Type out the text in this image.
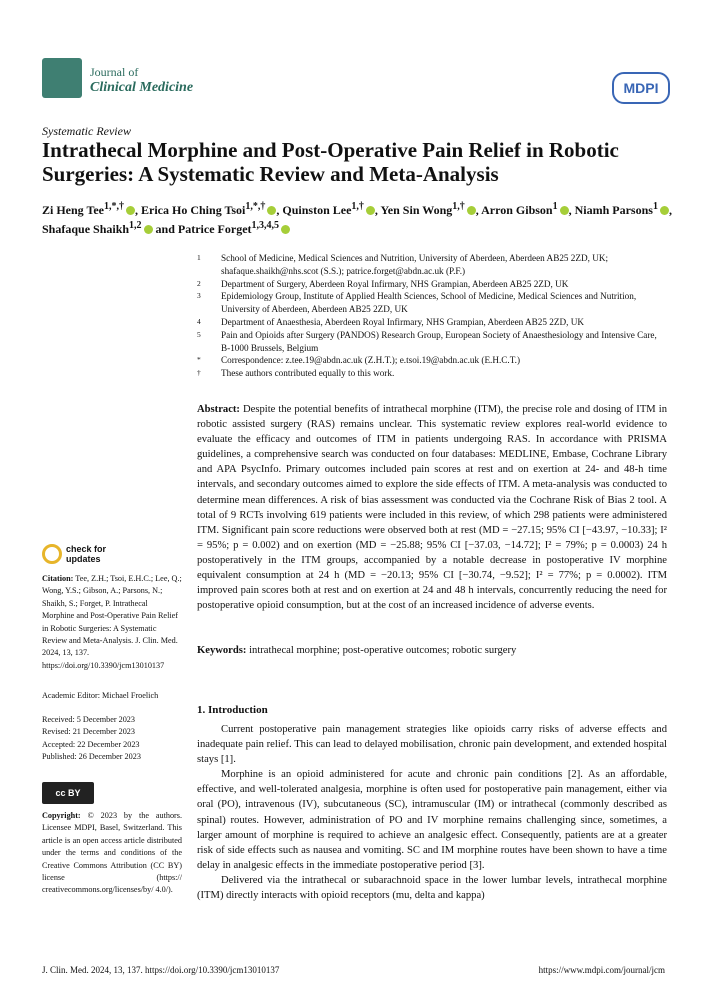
Journal of
Clinical Medicine	MDPI
Systematic Review
Intrathecal Morphine and Post-Operative Pain Relief in Robotic Surgeries: A Systematic Review and Meta-Analysis
Zi Heng Tee$^{1,*,\dagger}$ , Erica Ho Ching Tsoi$^{1,*,\dagger}$ , Quinston Lee$^{1,\dagger}$ , Yen Sin Wong$^{1,\dagger}$ , Arron Gibson$^1$ , Niamh Parsons$^1$ , Shafaque Shaikh$^{1,2}$ and Patrice Forget$^{1,3,4,5}$
1	School of Medicine, Medical Sciences and Nutrition, University of Aberdeen, Aberdeen AB25 2ZD, UK; shafaque.shaikh@nhs.scot (S.S.); patrice.forget@abdn.ac.uk (P.F.)
2	Department of Surgery, Aberdeen Royal Infirmary, NHS Grampian, Aberdeen AB25 2ZD, UK
3	Epidemiology Group, Institute of Applied Health Sciences, School of Medicine, Medical Sciences and Nutrition, University of Aberdeen, Aberdeen AB25 2ZD, UK
4	Department of Anaesthesia, Aberdeen Royal Infirmary, NHS Grampian, Aberdeen AB25 2ZD, UK
5	Pain and Opioids after Surgery (PANDOS) Research Group, European Society of Anaesthesiology and Intensive Care, B-1000 Brussels, Belgium
*	Correspondence: z.tee.19@abdn.ac.uk (Z.H.T.); e.tsoi.19@abdn.ac.uk (E.H.C.T.)
†	These authors contributed equally to this work.
Abstract: Despite the potential benefits of intrathecal morphine (ITM), the precise role and dosing of ITM in robotic assisted surgery (RAS) remains unclear. This systematic review explores real-world evidence to evaluate the efficacy and outcomes of ITM in patients undergoing RAS. In accordance with PRISMA guidelines, a comprehensive search was conducted on four databases: MEDLINE, Embase, Cochrane Library and APA PsycInfo. Primary outcomes included pain scores at rest and on exertion at 24- and 48-h time intervals, and secondary outcomes aimed to explore the side effects of ITM. A meta-analysis was conducted to determine mean differences. A risk of bias assessment was conducted via the Cochrane Risk of Bias 2 tool. A total of 9 RCTs involving 619 patients were included in this review, of which 298 patients were administered ITM. Significant pain score reductions were observed both at rest (MD = −27.15; 95% CI [−43.97, −10.33]; I² = 95%; p = 0.002) and on exertion (MD = −25.88; 95% CI [−37.03, −14.72]; I² = 79%; p = 0.0003) 24 h postoperatively in the ITM groups, accompanied by a notable decrease in postoperative IV morphine equivalent consumption at 24 h (MD = −20.13; 95% CI [−30.74, −9.52]; I² = 77%; p = 0.0002). ITM improved pain scores both at rest and on exertion at 24 and 48 h intervals, concurrently reducing the need for postoperative opioid consumption, but at the cost of an increased incidence of adverse events.
Keywords: intrathecal morphine; post-operative outcomes; robotic surgery
check for
updates
Citation: Tee, Z.H.; Tsoi, E.H.C.; Lee, Q.; Wong, Y.S.; Gibson, A.; Parsons, N.; Shaikh, S.; Forget, P. Intrathecal Morphine and Post-Operative Pain Relief in Robotic Surgeries: A Systematic Review and Meta-Analysis. J. Clin. Med. 2024, 13, 137. https://doi.org/10.3390/jcm13010137
Academic Editor: Michael Froelich
Received: 5 December 2023
Revised: 21 December 2023
Accepted: 22 December 2023
Published: 26 December 2023
cc BY
Copyright: © 2023 by the authors. Licensee MDPI, Basel, Switzerland. This article is an open access article distributed under the terms and conditions of the Creative Commons Attribution (CC BY) license (https:// creativecommons.org/licenses/by/ 4.0/).
1. Introduction

Current postoperative pain management strategies like opioids carry risks of adverse effects and inadequate pain relief. This can lead to delayed mobilisation, chronic pain development, and extended hospital stays [1].

Morphine is an opioid administered for acute and chronic pain conditions [2]. As an affordable, effective, and well-tolerated analgesia, morphine is often used for postoperative pain management, either via oral (PO), intravenous (IV), subcutaneous (SC), intramuscular (IM) or intrathecal (commonly described as spinal) routes. However, administration of PO and IV morphine remains challenging since, sometimes, a larger amount of morphine is required to achieve an analgesic effect. Consequently, patients are at a greater risk of side effects such as nausea and vomiting. SC and IM morphine routes have been shown to have a time delay in analgesic effects in the immediate postoperative period [3].

Delivered via the intrathecal or subarachnoid space in the lower lumbar levels, intrathecal morphine (ITM) directly interacts with opioid receptors (mu, delta and kappa)

J. Clin. Med. 2024, 13, 137. https://doi.org/10.3390/jcm13010137	https://www.mdpi.com/journal/jcm
